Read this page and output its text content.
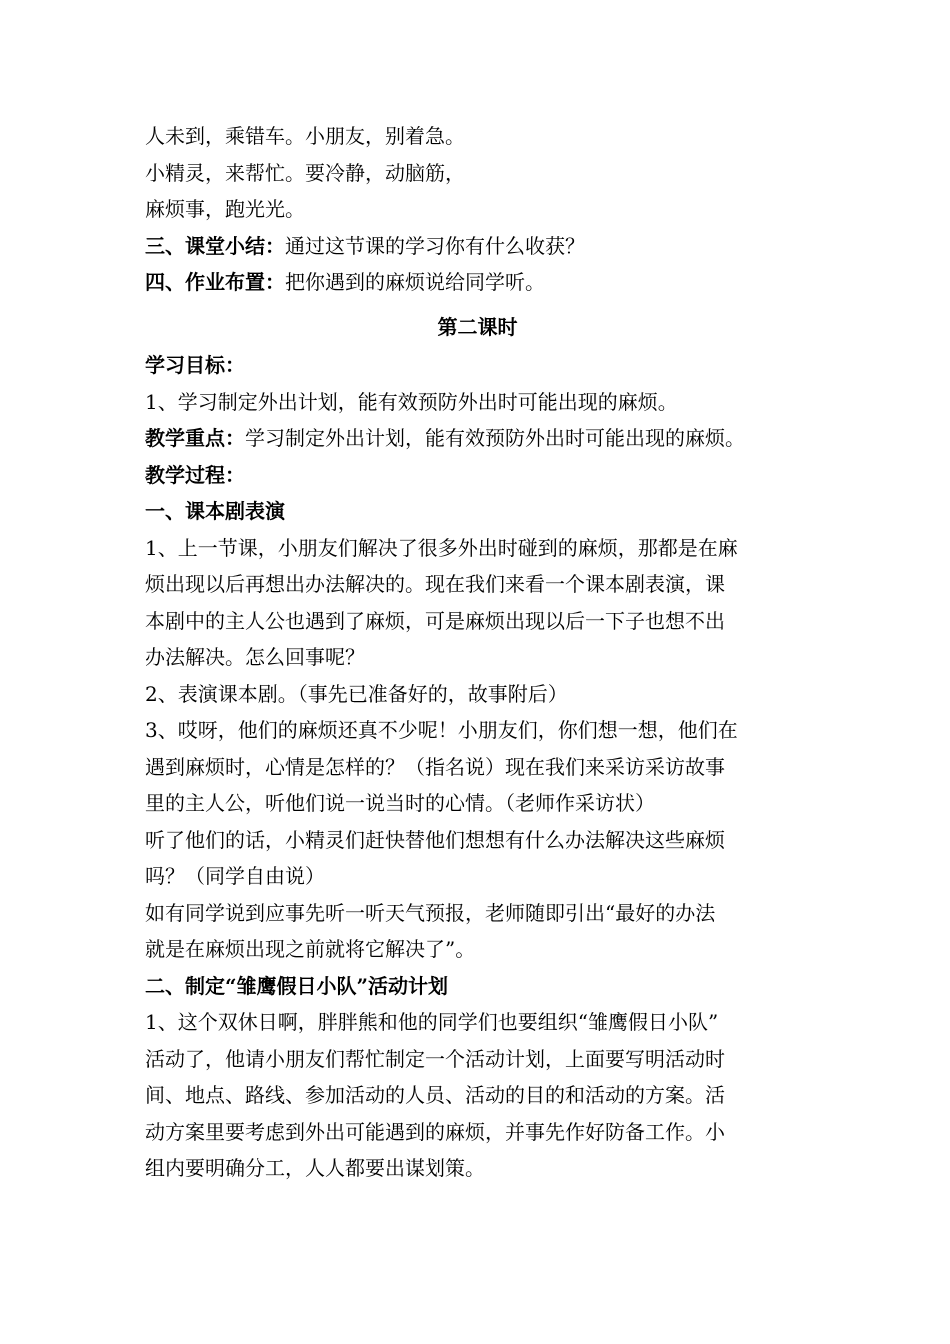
人未到，乘错车。小朋友，别着急。

小精灵，来帮忙。要冷静，动脑筋，

麻烦事，跑光光。

三、课堂小结：通过这节课的学习你有什么收获？

四、作业布置：把你遇到的麻烦说给同学听。

第二课时

学习目标：

1、学习制定外出计划，能有效预防外出时可能出现的麻烦。

教学重点：学习制定外出计划，能有效预防外出时可能出现的麻烦。

教学过程：

一、课本剧表演

1、上一节课，小朋友们解决了很多外出时碰到的麻烦，那都是在麻

烦出现以后再想出办法解决的。现在我们来看一个课本剧表演，课

本剧中的主人公也遇到了麻烦，可是麻烦出现以后一下子也想不出

办法解决。怎么回事呢？

2、表演课本剧。（事先已准备好的，故事附后）

3、哎呀，他们的麻烦还真不少呢！小朋友们，你们想一想，他们在

遇到麻烦时，心情是怎样的？（指名说）现在我们来采访采访故事

里的主人公，听他们说一说当时的心情。（老师作采访状）

听了他们的话，小精灵们赶快替他们想想有什么办法解决这些麻烦

吗？（同学自由说）

如有同学说到应事先听一听天气预报，老师随即引出“最好的办法

就是在麻烦出现之前就将它解决了”。

二、制定“雏鹰假日小队”活动计划

1、这个双休日啊，胖胖熊和他的同学们也要组织“雏鹰假日小队”

活动了，他请小朋友们帮忙制定一个活动计划，上面要写明活动时

间、地点、路线、参加活动的人员、活动的目的和活动的方案。活

动方案里要考虑到外出可能遇到的麻烦，并事先作好防备工作。小

组内要明确分工，人人都要出谋划策。
